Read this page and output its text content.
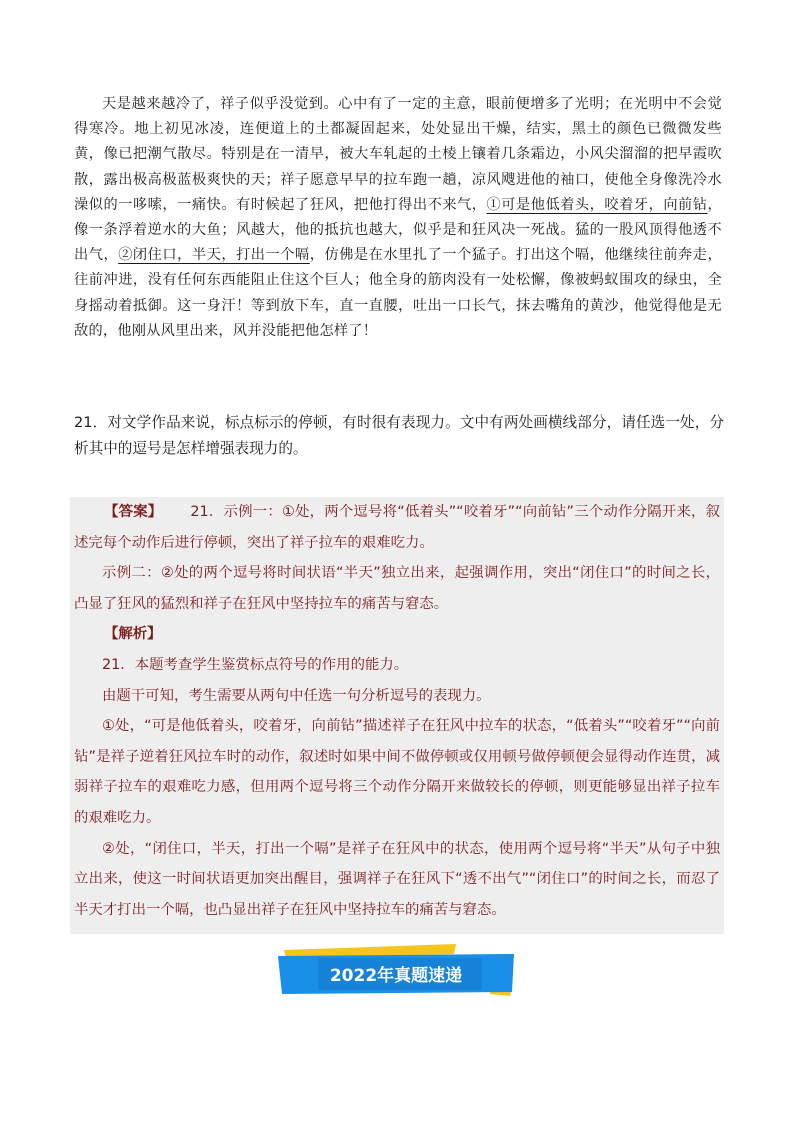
天是越来越冷了，祥子似乎没觉到。心中有了一定的主意，眼前便增多了光明；在光明中不会觉得寒冷。地上初见冰凌，连便道上的土都凝固起来，处处显出干燥，结实，黑土的颜色已微微发些黄，像已把潮气散尽。特别是在一清早，被大车轧起的土棱上镶着几条霜边，小风尖溜溜的把早霞吹散，露出极高极蓝极爽快的天；祥子愿意早早的拉车跑一趟，凉风飕进他的袖口，使他全身像洗冷水澡似的一哆嗦，一痛快。有时候起了狂风，把他打得出不来气，①可是他低着头，咬着牙，向前钻，像一条浮着逆水的大鱼；风越大，他的抵抗也越大，似乎是和狂风决一死战。猛的一股风顶得他透不出气，②闭住口，半天，打出一个嗝，仿佛是在水里扎了一个猛子。打出这个嗝，他继续往前奔走，往前冲进，没有任何东西能阻止住这个巨人；他全身的筋肉没有一处松懈，像被蚂蚁围攻的绿虫，全身摇动着抵御。这一身汗！等到放下车，直一直腰，吐出一口长气，抹去嘴角的黄沙，他觉得他是无敌的，他刚从风里出来，风并没能把他怎样了！
21．对文学作品来说，标点标示的停顿，有时很有表现力。文中有两处画横线部分，请任选一处，分析其中的逗号是怎样增强表现力的。

【答案】 21．示例一：①处，两个逗号将“低着头”“咬着牙”“向前钻”三个动作分隔开来，叙述完每个动作后进行停顿，突出了祥子拉车的艰难吃力。

示例二：②处的两个逗号将时间状语“半天”独立出来，起强调作用，突出“闭住口”的时间之长，凸显了狂风的猛烈和祥子在狂风中坚持拉车的痛苦与窘态。

【解析】

21．本题考查学生鉴赏标点符号的作用的能力。

由题干可知，考生需要从两句中任选一句分析逗号的表现力。

①处，“可是他低着头，咬着牙，向前钻”描述祥子在狂风中拉车的状态，“低着头”“咬着牙”“向前钻”是祥子逆着狂风拉车时的动作，叙述时如果中间不做停顿或仅用顿号做停顿便会显得动作连贯，减弱祥子拉车的艰难吃力感，但用两个逗号将三个动作分隔开来做较长的停顿，则更能够显出祥子拉车的艰难吃力。

②处，“闭住口，半天，打出一个嗝”是祥子在狂风中的状态，使用两个逗号将“半天”从句子中独立出来，使这一时间状语更加突出醒目，强调祥子在狂风下“透不出气”“闭住口”的时间之长，而忍了半天才打出一个嗝，也凸显出祥子在狂风中坚持拉车的痛苦与窘态。

2022年真题速递
